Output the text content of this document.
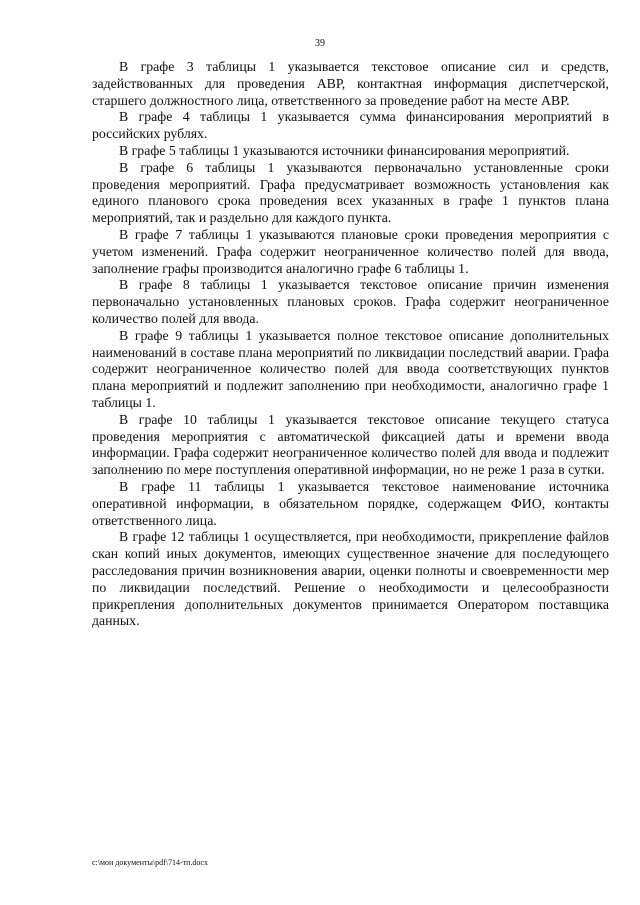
39

В графе 3 таблицы 1 указывается текстовое описание сил и средств, задействованных для проведения АВР, контактная информация диспетчерской, старшего должностного лица, ответственного за проведение работ на месте АВР.

В графе 4 таблицы 1 указывается сумма финансирования мероприятий в российских рублях.

В графе 5 таблицы 1 указываются источники финансирования мероприятий.

В графе 6 таблицы 1 указываются первоначально установленные сроки проведения мероприятий. Графа предусматривает возможность установления как единого планового срока проведения всех указанных в графе 1 пунктов плана мероприятий, так и раздельно для каждого пункта.

В графе 7 таблицы 1 указываются плановые сроки проведения мероприятия с учетом изменений. Графа содержит неограниченное количество полей для ввода, заполнение графы производится аналогично графе 6 таблицы 1.

В графе 8 таблицы 1 указывается текстовое описание причин изменения первоначально установленных плановых сроков. Графа содержит неограниченное количество полей для ввода.

В графе 9 таблицы 1 указывается полное текстовое описание дополнительных наименований в составе плана мероприятий по ликвидации последствий аварии. Графа содержит неограниченное количество полей для ввода соответствующих пунктов плана мероприятий и подлежит заполнению при необходимости, аналогично графе 1 таблицы 1.

В графе 10 таблицы 1 указывается текстовое описание текущего статуса проведения мероприятия с автоматической фиксацией даты и времени ввода информации. Графа содержит неограниченное количество полей для ввода и подлежит заполнению по мере поступления оперативной информации, но не реже 1 раза в сутки.

В графе 11 таблицы 1 указывается текстовое наименование источника оперативной информации, в обязательном порядке, содержащем ФИО, контакты ответственного лица.

В графе 12 таблицы 1 осуществляется, при необходимости, прикрепление файлов скан копий иных документов, имеющих существенное значение для последующего расследования причин возникновения аварии, оценки полноты и своевременности мер по ликвидации последствий. Решение о необходимости и целесообразности прикрепления дополнительных документов принимается Оператором поставщика данных.

c:\мои документы\pdf\714-тп.docx
